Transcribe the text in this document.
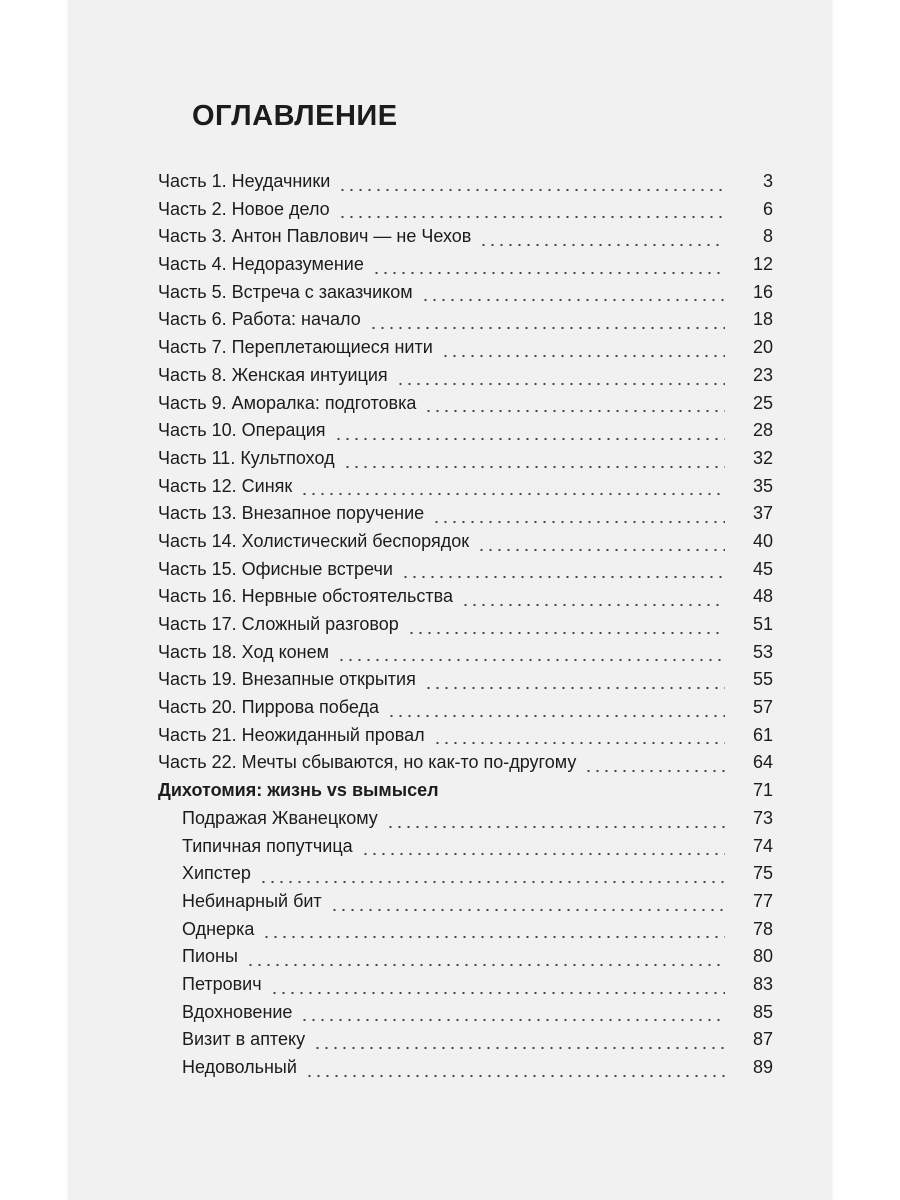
ОГЛАВЛЕНИЕ
Часть 1. Неудачники	3
Часть 2. Новое дело	6
Часть 3. Антон Павлович — не Чехов	8
Часть 4. Недоразумение	12
Часть 5. Встреча с заказчиком	16
Часть 6. Работа: начало	18
Часть 7. Переплетающиеся нити	20
Часть 8. Женская интуиция	23
Часть 9. Аморалка: подготовка	25
Часть 10. Операция	28
Часть 11. Культпоход	32
Часть 12. Синяк	35
Часть 13. Внезапное поручение	37
Часть 14. Холистический беспорядок	40
Часть 15. Офисные встречи	45
Часть 16. Нервные обстоятельства	48
Часть 17. Сложный разговор	51
Часть 18. Ход конем	53
Часть 19. Внезапные открытия	55
Часть 20. Пиррова победа	57
Часть 21. Неожиданный провал	61
Часть 22. Мечты сбываются, но как-то по-другому	64
Дихотомия: жизнь vs вымысел	71
Подражая Жванецкому	73
Типичная попутчица	74
Хипстер	75
Небинарный бит	77
Однерка	78
Пионы	80
Петрович	83
Вдохновение	85
Визит в аптеку	87
Недовольный	89
